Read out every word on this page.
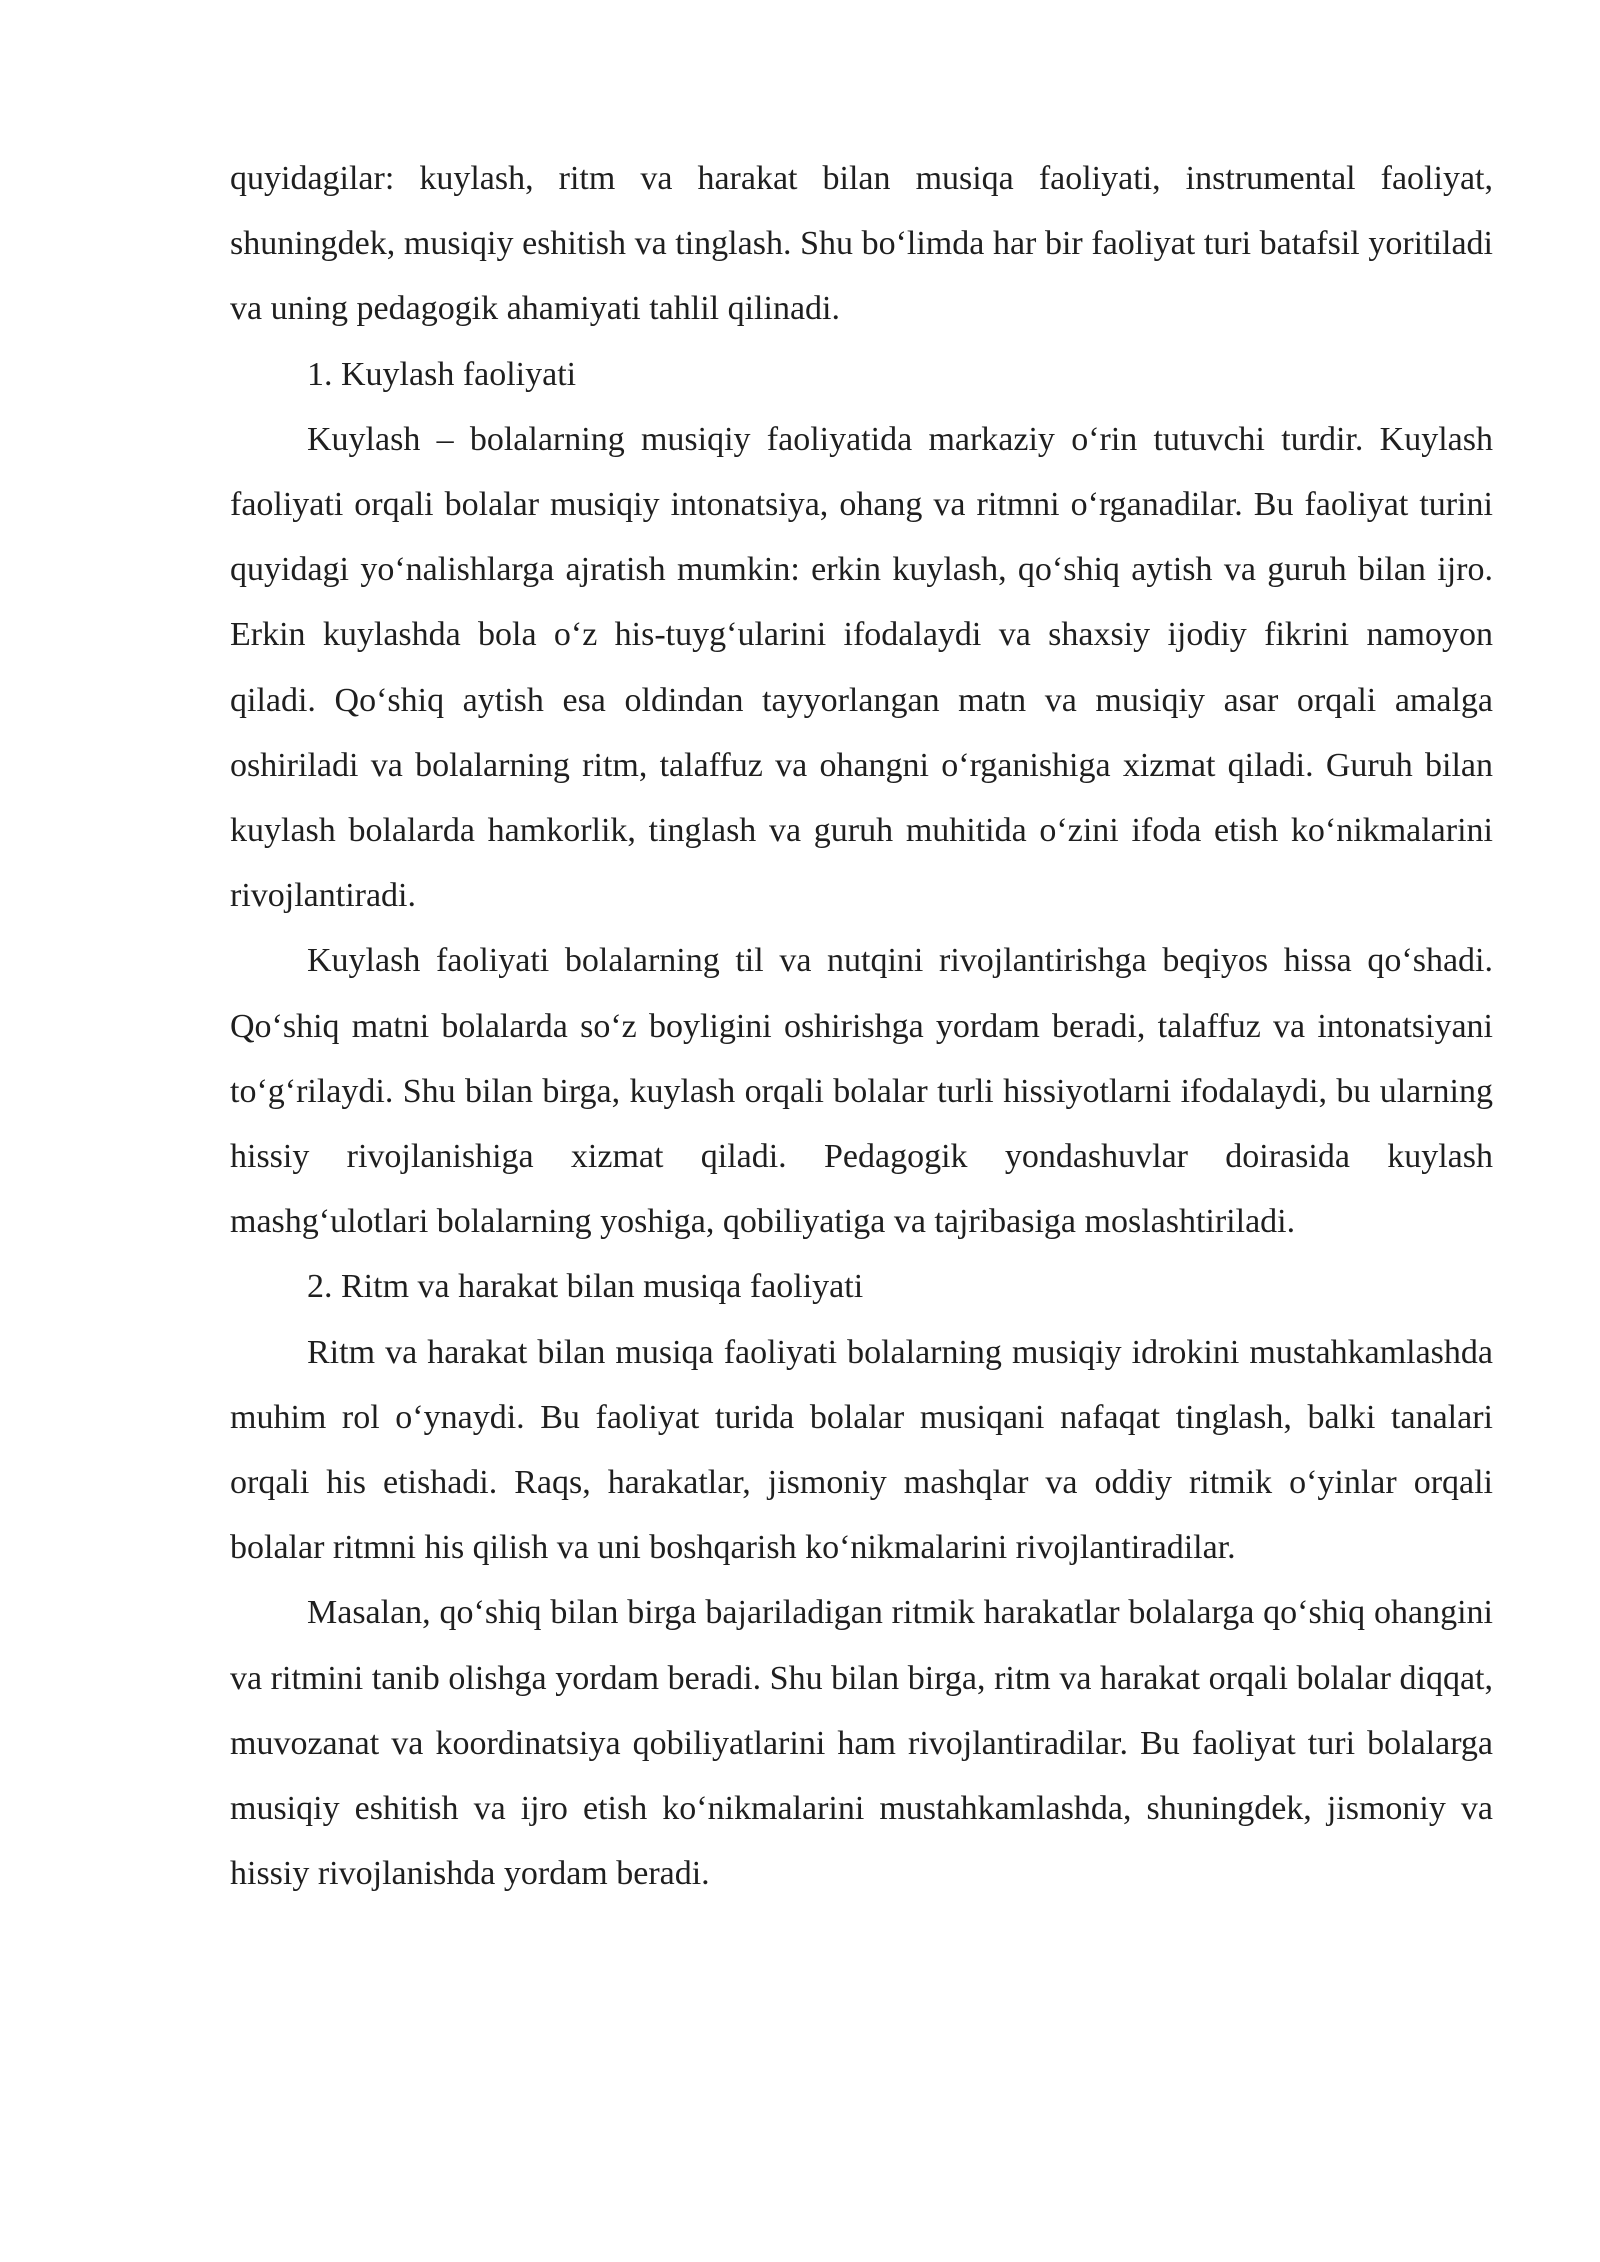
quyidagilar: kuylash, ritm va harakat bilan musiqa faoliyati, instrumental faoliyat, shuningdek, musiqiy eshitish va tinglash. Shu bo‘limda har bir faoliyat turi batafsil yoritiladi va uning pedagogik ahamiyati tahlil qilinadi.

1. Kuylash faoliyati

Kuylash – bolalarning musiqiy faoliyatida markaziy o‘rin tutuvchi turdir. Kuylash faoliyati orqali bolalar musiqiy intonatsiya, ohang va ritmni o‘rganadilar. Bu faoliyat turini quyidagi yo‘nalishlarga ajratish mumkin: erkin kuylash, qo‘shiq aytish va guruh bilan ijro. Erkin kuylashda bola o‘z his-tuyg‘ularini ifodalaydi va shaxsiy ijodiy fikrini namoyon qiladi. Qo‘shiq aytish esa oldindan tayyorlangan matn va musiqiy asar orqali amalga oshiriladi va bolalarning ritm, talaffuz va ohangni o‘rganishiga xizmat qiladi. Guruh bilan kuylash bolalarda hamkorlik, tinglash va guruh muhitida o‘zini ifoda etish ko‘nikmalarini rivojlantiradi.

Kuylash faoliyati bolalarning til va nutqini rivojlantirishga beqiyos hissa qo‘shadi. Qo‘shiq matni bolalarda so‘z boyligini oshirishga yordam beradi, talaffuz va intonatsiyani to‘g‘rilaydi. Shu bilan birga, kuylash orqali bolalar turli hissiyotlarni ifodalaydi, bu ularning hissiy rivojlanishiga xizmat qiladi. Pedagogik yondashuvlar doirasida kuylash mashg‘ulotlari bolalarning yoshiga, qobiliyatiga va tajribasiga moslashtiriladi.

2. Ritm va harakat bilan musiqa faoliyati

Ritm va harakat bilan musiqa faoliyati bolalarning musiqiy idrokini mustahkamlashda muhim rol o‘ynaydi. Bu faoliyat turida bolalar musiqani nafaqat tinglash, balki tanalari orqali his etishadi. Raqs, harakatlar, jismoniy mashqlar va oddiy ritmik o‘yinlar orqali bolalar ritmni his qilish va uni boshqarish ko‘nikmalarini rivojlantiradilar.

Masalan, qo‘shiq bilan birga bajariladigan ritmik harakatlar bolalarga qo‘shiq ohangini va ritmini tanib olishga yordam beradi. Shu bilan birga, ritm va harakat orqali bolalar diqqat, muvozanat va koordinatsiya qobiliyatlarini ham rivojlantiradilar. Bu faoliyat turi bolalarga musiqiy eshitish va ijro etish ko‘nikmalarini mustahkamlashda, shuningdek, jismoniy va hissiy rivojlanishda yordam beradi.
